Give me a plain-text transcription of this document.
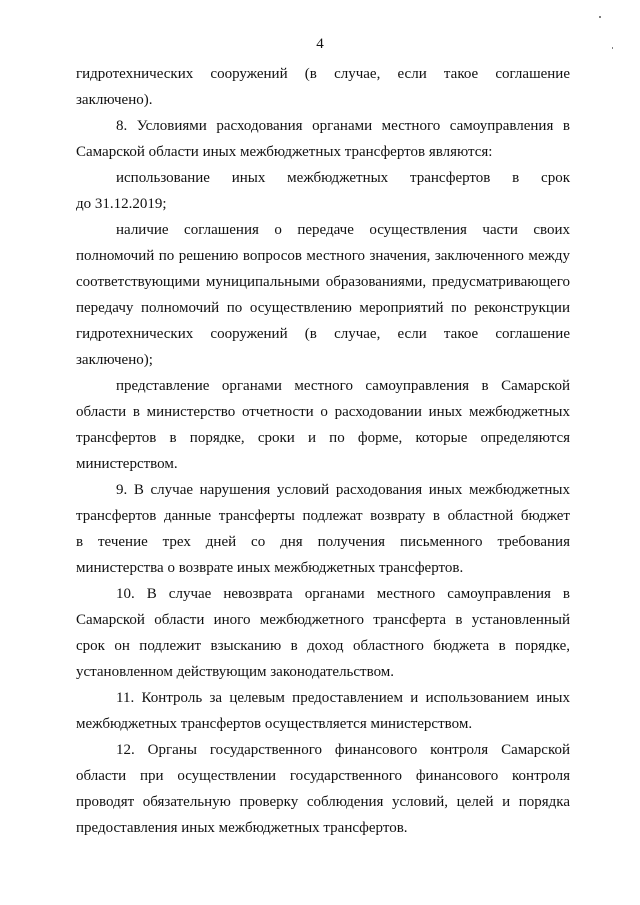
4

гидротехнических сооружений (в случае, если такое соглашение
заключено).

8. Условиями расходования органами местного самоуправления в
Самарской области иных межбюджетных трансфертов являются:

использование иных межбюджетных трансфертов в срок
до 31.12.2019;

наличие соглашения о передаче осуществления части своих
полномочий по решению вопросов местного значения, заключенного между
соответствующими муниципальными образованиями, предусматривающего
передачу полномочий по осуществлению мероприятий по реконструкции
гидротехнических сооружений (в случае, если такое соглашение
заключено);

представление органами местного самоуправления в Самарской
области в министерство отчетности о расходовании иных межбюджетных
трансфертов в порядке, сроки и по форме, которые определяются
министерством.

9. В случае нарушения условий расходования иных межбюджетных
трансфертов данные трансферты подлежат возврату в областной бюджет
в течение трех дней со дня получения письменного требования
министерства о возврате иных межбюджетных трансфертов.

10. В случае невозврата органами местного самоуправления в
Самарской области иного межбюджетного трансферта в установленный
срок он подлежит взысканию в доход областного бюджета в порядке,
установленном действующим законодательством.

11. Контроль за целевым предоставлением и использованием иных
межбюджетных трансфертов осуществляется министерством.

12. Органы государственного финансового контроля Самарской
области при осуществлении государственного финансового контроля
проводят обязательную проверку соблюдения условий, целей и порядка
предоставления иных межбюджетных трансфертов.
